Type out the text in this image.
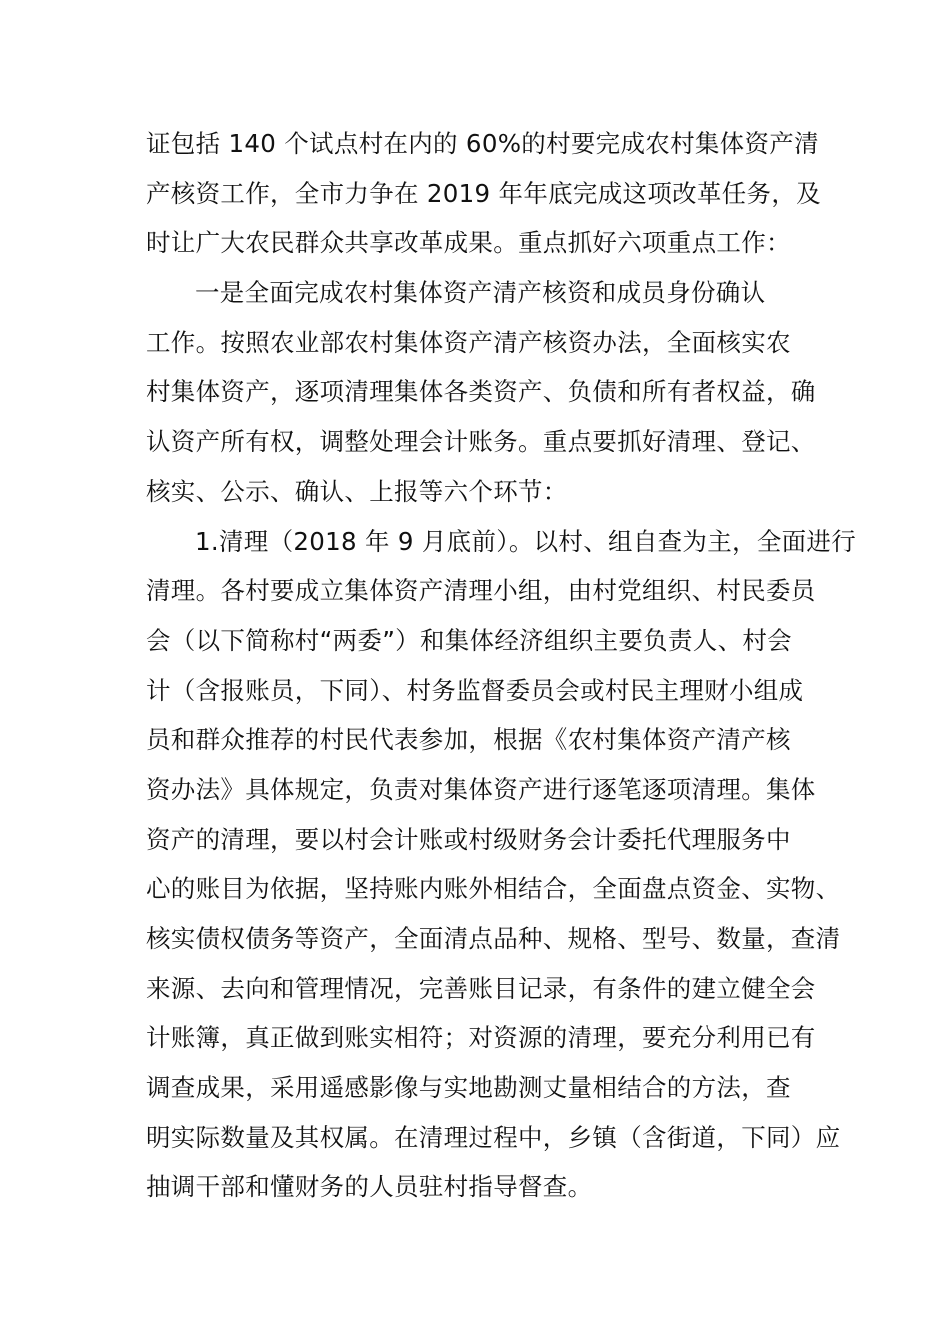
证包括 140 个试点村在内的 60%的村要完成农村集体资产清
产核资工作，全市力争在 2019 年年底完成这项改革任务，及
时让广大农民群众共享改革成果。重点抓好六项重点工作：
一是全面完成农村集体资产清产核资和成员身份确认
工作。按照农业部农村集体资产清产核资办法，全面核实农
村集体资产，逐项清理集体各类资产、负债和所有者权益，确
认资产所有权，调整处理会计账务。重点要抓好清理、登记、
核实、公示、确认、上报等六个环节：
1.清理（2018 年 9 月底前）。以村、组自查为主，全面进行
清理。各村要成立集体资产清理小组，由村党组织、村民委员
会（以下简称村“两委”）和集体经济组织主要负责人、村会
计（含报账员，下同）、村务监督委员会或村民主理财小组成
员和群众推荐的村民代表参加，根据《农村集体资产清产核
资办法》具体规定，负责对集体资产进行逐笔逐项清理。集体
资产的清理，要以村会计账或村级财务会计委托代理服务中
心的账目为依据，坚持账内账外相结合，全面盘点资金、实物、
核实债权债务等资产，全面清点品种、规格、型号、数量，查清
来源、去向和管理情况，完善账目记录，有条件的建立健全会
计账簿，真正做到账实相符；对资源的清理，要充分利用已有
调查成果，采用遥感影像与实地勘测丈量相结合的方法，查
明实际数量及其权属。在清理过程中，乡镇（含街道，下同）应
抽调干部和懂财务的人员驻村指导督查。
